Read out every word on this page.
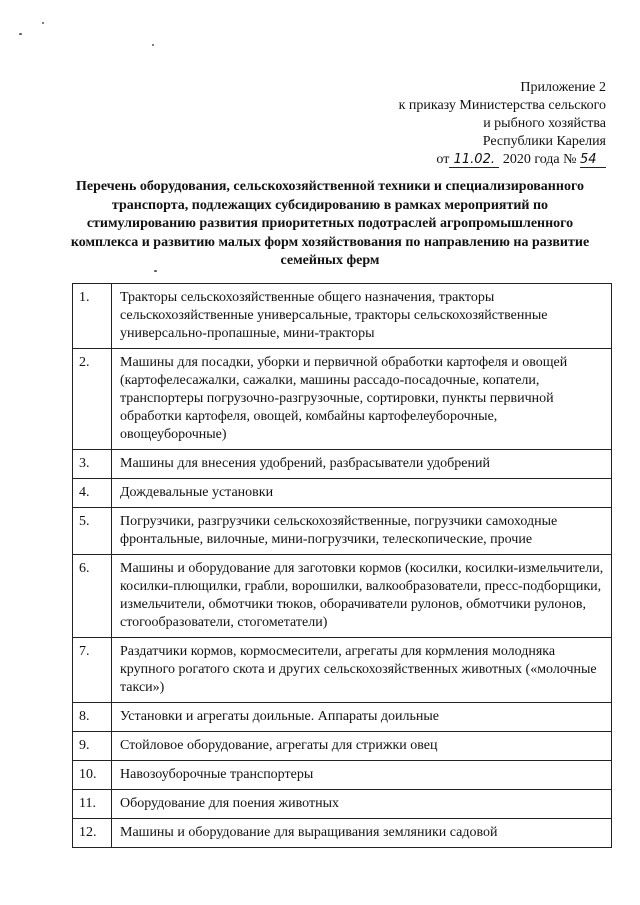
Приложение 2
к приказу Министерства сельского
и рыбного хозяйства
Республики Карелия
от 11.02. 2020 года № 54
Перечень оборудования, сельскохозяйственной техники и специализированного транспорта, подлежащих субсидированию в рамках мероприятий по стимулированию развития приоритетных подотраслей агропромышленного комплекса и развитию малых форм хозяйствования по направлению на развитие семейных ферм
1.	Тракторы сельскохозяйственные общего назначения, тракторы сельскохозяйственные универсальные, тракторы сельскохозяйственные универсально-пропашные, мини-тракторы
2.	Машины для посадки, уборки и первичной обработки картофеля и овощей (картофелесажалки, сажалки, машины рассадо-посадочные, копатели, транспортеры погрузочно-разгрузочные, сортировки, пункты первичной обработки картофеля, овощей, комбайны картофелеуборочные, овощеуборочные)
3.	Машины для внесения удобрений, разбрасыватели удобрений
4.	Дождевальные установки
5.	Погрузчики, разгрузчики сельскохозяйственные, погрузчики самоходные фронтальные, вилочные, мини-погрузчики, телескопические, прочие
6.	Машины и оборудование для заготовки кормов (косилки, косилки-измельчители, косилки-плющилки, грабли, ворошилки, валкообразователи, пресс-подборщики, измельчители, обмотчики тюков, оборачиватели рулонов, обмотчики рулонов, стогообразователи, стогометатели)
7.	Раздатчики кормов, кормосмесители, агрегаты для кормления молодняка крупного рогатого скота и других сельскохозяйственных животных («молочные такси»)
8.	Установки и агрегаты доильные. Аппараты доильные
9.	Стойловое оборудование, агрегаты для стрижки овец
10.	Навозоуборочные транспортеры
11.	Оборудование для поения животных
12.	Машины и оборудование для выращивания земляники садовой
